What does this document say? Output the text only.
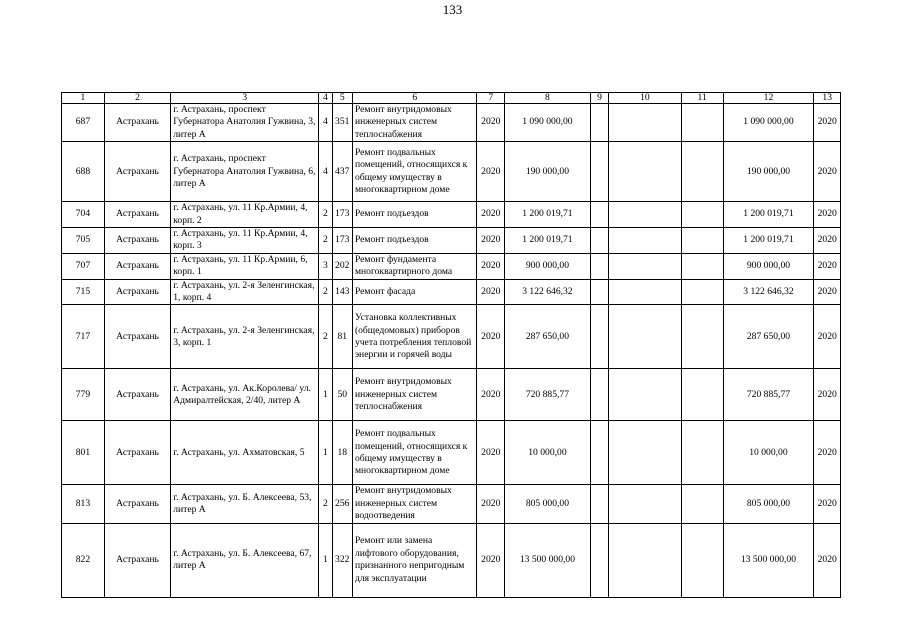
133
1	2	3	4	5	6	7	8	9	10	11	12	13
687	Астрахань	г. Астрахань, проспект Губернатора Анатолия Гужвина, 3, литер А	4	351	Ремонт внутридомовых инженерных систем теплоснабжения	2020	1 090 000,00				1 090 000,00	2020
688	Астрахань	г. Астрахань, проспект Губернатора Анатолия Гужвина, 6, литер А	4	437	Ремонт подвальных помещений, относящихся к общему имуществу в многоквартирном доме	2020	190 000,00				190 000,00	2020
704	Астрахань	г. Астрахань, ул. 11 Кр.Армии, 4, корп. 2	2	173	Ремонт подъездов	2020	1 200 019,71				1 200 019,71	2020
705	Астрахань	г. Астрахань, ул. 11 Кр.Армии, 4, корп. 3	2	173	Ремонт подъездов	2020	1 200 019,71				1 200 019,71	2020
707	Астрахань	г. Астрахань, ул. 11 Кр.Армии, 6, корп. 1	3	202	Ремонт фундамента многоквартирного дома	2020	900 000,00				900 000,00	2020
715	Астрахань	г. Астрахань, ул. 2-я Зеленгинская, 1, корп. 4	2	143	Ремонт фасада	2020	3 122 646,32				3 122 646,32	2020
717	Астрахань	г. Астрахань, ул. 2-я Зеленгинская, 3, корп. 1	2	81	Установка коллективных (общедомовых) приборов учета потребления тепловой энергии и горячей воды	2020	287 650,00				287 650,00	2020
779	Астрахань	г. Астрахань, ул. Ак.Королева/ ул. Адмиралтейская, 2/40, литер А	1	50	Ремонт внутридомовых инженерных систем теплоснабжения	2020	720 885,77				720 885,77	2020
801	Астрахань	г. Астрахань, ул. Ахматовская, 5	1	18	Ремонт подвальных помещений, относящихся к общему имуществу в многоквартирном доме	2020	10 000,00				10 000,00	2020
813	Астрахань	г. Астрахань, ул. Б. Алексеева, 53, литер А	2	256	Ремонт внутридомовых инженерных систем водоотведения	2020	805 000,00				805 000,00	2020
822	Астрахань	г. Астрахань, ул. Б. Алексеева, 67, литер А	1	322	Ремонт или замена лифтового оборудования, признанного непригодным для эксплуатации	2020	13 500 000,00				13 500 000,00	2020
